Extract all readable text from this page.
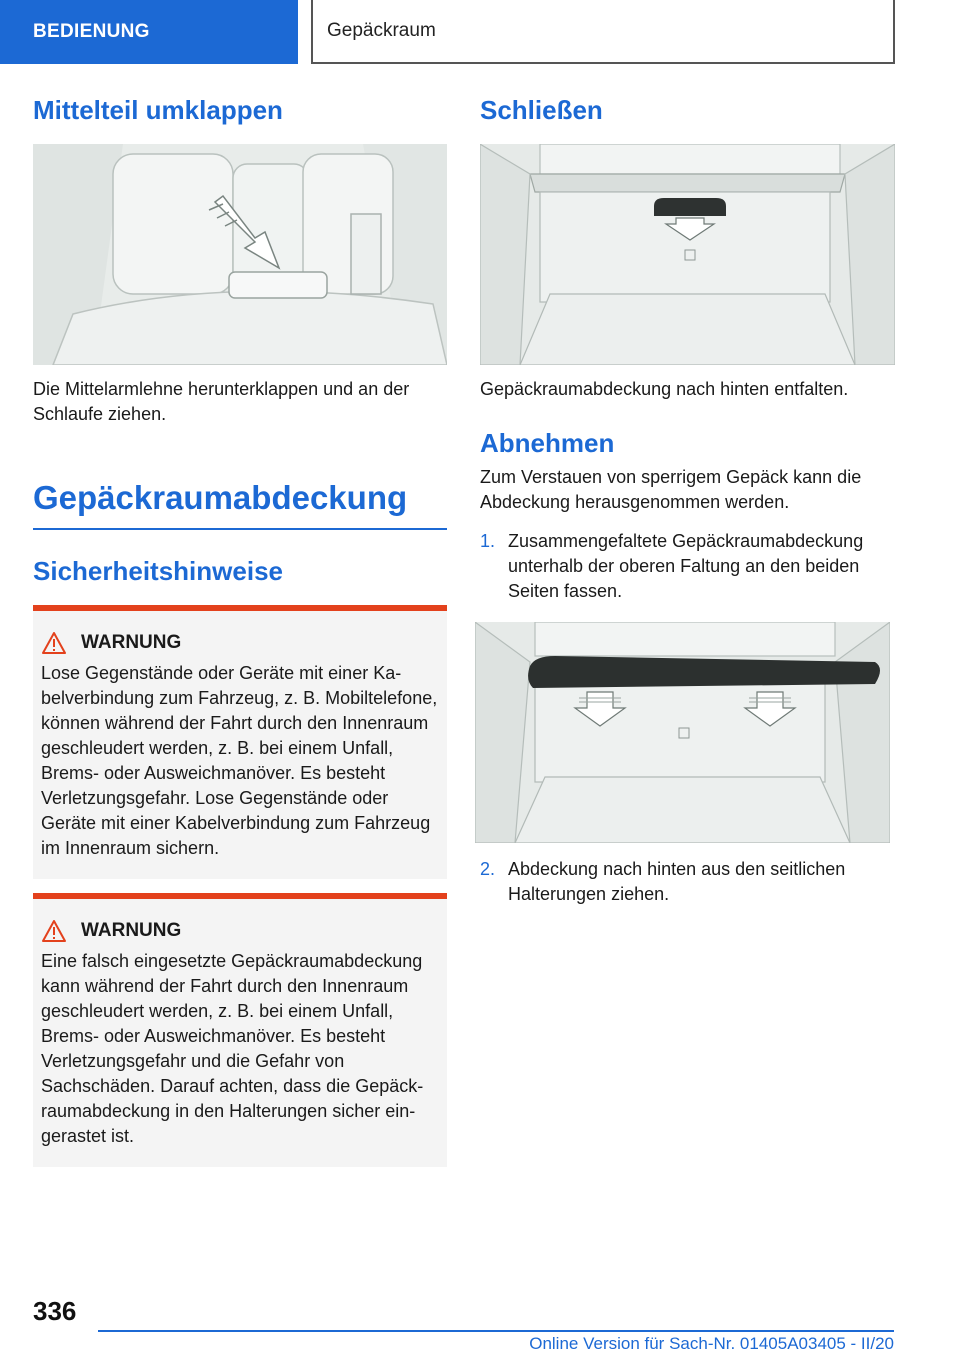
BEDIENUNG	Gepäckraum
Mittelteil umklappen

Die Mittelarmlehne herunterklappen und an der Schlaufe ziehen.

Gepäckraumabdeckung
Sicherheitshinweise
WARNUNG

Lose Gegenstände oder Geräte mit einer Kabelverbindung zum Fahrzeug, z. B. Mobiltelefone, können während der Fahrt durch den Innenraum geschleudert werden, z. B. bei einem Unfall, Brems- oder Ausweichmanöver. Es besteht Verletzungsgefahr. Lose Gegenstände oder Geräte mit einer Kabelverbindung zum Fahrzeug im Innenraum sichern.

WARNUNG

Eine falsch eingesetzte Gepäckraumabdeckung kann während der Fahrt durch den Innenraum geschleudert werden, z. B. bei einem Unfall, Brems- oder Ausweichmanöver. Es besteht Verletzungsgefahr und die Gefahr von Sachschäden. Darauf achten, dass die Gepäckraumabdeckung in den Halterungen sicher eingerastet ist.

Schließen

Gepäckraumabdeckung nach hinten entfalten.

Abnehmen

Zum Verstauen von sperrigem Gepäck kann die Abdeckung herausgenommen werden.

1. Zusammengefaltete Gepäckraumabdeckung unterhalb der oberen Faltung an den beiden Seiten fassen.
2. Abdeckung nach hinten aus den seitlichen Halterungen ziehen.
336
Online Version für Sach-Nr. 01405A03405 - II/20
